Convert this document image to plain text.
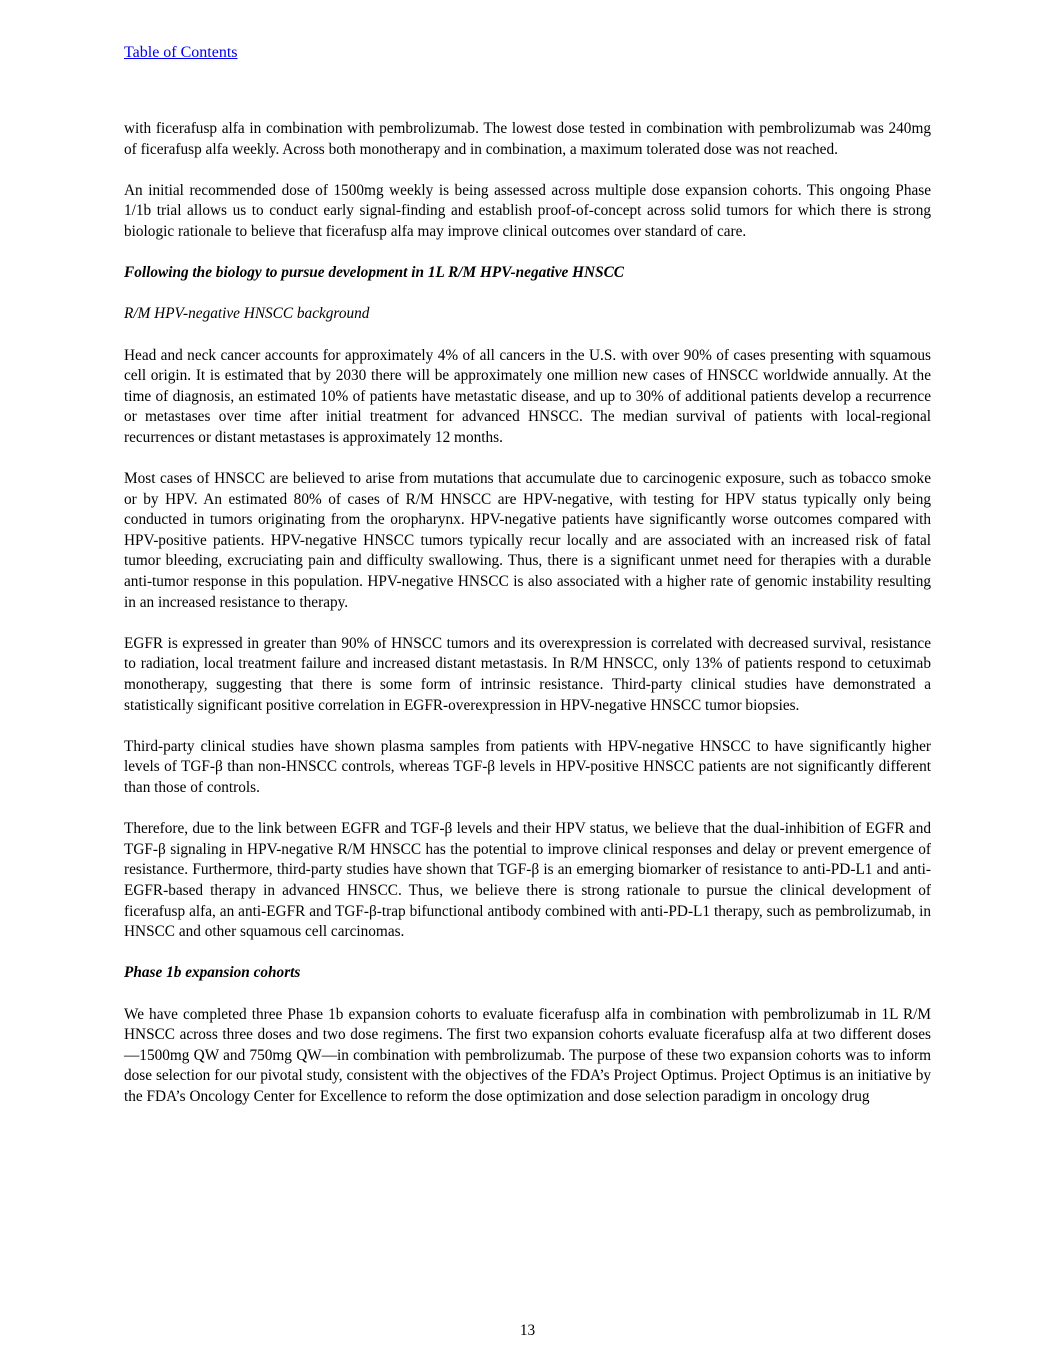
Table of Contents

with ficerafusp alfa in combination with pembrolizumab. The lowest dose tested in combination with pembrolizumab was 240mg of ficerafusp alfa weekly. Across both monotherapy and in combination, a maximum tolerated dose was not reached.

An initial recommended dose of 1500mg weekly is being assessed across multiple dose expansion cohorts. This ongoing Phase 1/1b trial allows us to conduct early signal-finding and establish proof-of-concept across solid tumors for which there is strong biologic rationale to believe that ficerafusp alfa may improve clinical outcomes over standard of care.

Following the biology to pursue development in 1L R/M HPV-negative HNSCC

R/M HPV-negative HNSCC background

Head and neck cancer accounts for approximately 4% of all cancers in the U.S. with over 90% of cases presenting with squamous cell origin. It is estimated that by 2030 there will be approximately one million new cases of HNSCC worldwide annually. At the time of diagnosis, an estimated 10% of patients have metastatic disease, and up to 30% of additional patients develop a recurrence or metastases over time after initial treatment for advanced HNSCC. The median survival of patients with local-regional recurrences or distant metastases is approximately 12 months.

Most cases of HNSCC are believed to arise from mutations that accumulate due to carcinogenic exposure, such as tobacco smoke or by HPV. An estimated 80% of cases of R/M HNSCC are HPV-negative, with testing for HPV status typically only being conducted in tumors originating from the oropharynx. HPV-negative patients have significantly worse outcomes compared with HPV-positive patients. HPV-negative HNSCC tumors typically recur locally and are associated with an increased risk of fatal tumor bleeding, excruciating pain and difficulty swallowing. Thus, there is a significant unmet need for therapies with a durable anti-tumor response in this population. HPV-negative HNSCC is also associated with a higher rate of genomic instability resulting in an increased resistance to therapy.

EGFR is expressed in greater than 90% of HNSCC tumors and its overexpression is correlated with decreased survival, resistance to radiation, local treatment failure and increased distant metastasis. In R/M HNSCC, only 13% of patients respond to cetuximab monotherapy, suggesting that there is some form of intrinsic resistance. Third-party clinical studies have demonstrated a statistically significant positive correlation in EGFR-overexpression in HPV-negative HNSCC tumor biopsies.

Third-party clinical studies have shown plasma samples from patients with HPV-negative HNSCC to have significantly higher levels of TGF-β than non-HNSCC controls, whereas TGF-β levels in HPV-positive HNSCC patients are not significantly different than those of controls.

Therefore, due to the link between EGFR and TGF-β levels and their HPV status, we believe that the dual-inhibition of EGFR and TGF-β signaling in HPV-negative R/M HNSCC has the potential to improve clinical responses and delay or prevent emergence of resistance. Furthermore, third-party studies have shown that TGF-β is an emerging biomarker of resistance to anti-PD-L1 and anti-EGFR-based therapy in advanced HNSCC. Thus, we believe there is strong rationale to pursue the clinical development of ficerafusp alfa, an anti-EGFR and TGF-β-trap bifunctional antibody combined with anti-PD-L1 therapy, such as pembrolizumab, in HNSCC and other squamous cell carcinomas.

Phase 1b expansion cohorts

We have completed three Phase 1b expansion cohorts to evaluate ficerafusp alfa in combination with pembrolizumab in 1L R/M HNSCC across three doses and two dose regimens. The first two expansion cohorts evaluate ficerafusp alfa at two different doses—1500mg QW and 750mg QW—in combination with pembrolizumab. The purpose of these two expansion cohorts was to inform dose selection for our pivotal study, consistent with the objectives of the FDA’s Project Optimus. Project Optimus is an initiative by the FDA’s Oncology Center for Excellence to reform the dose optimization and dose selection paradigm in oncology drug

13
